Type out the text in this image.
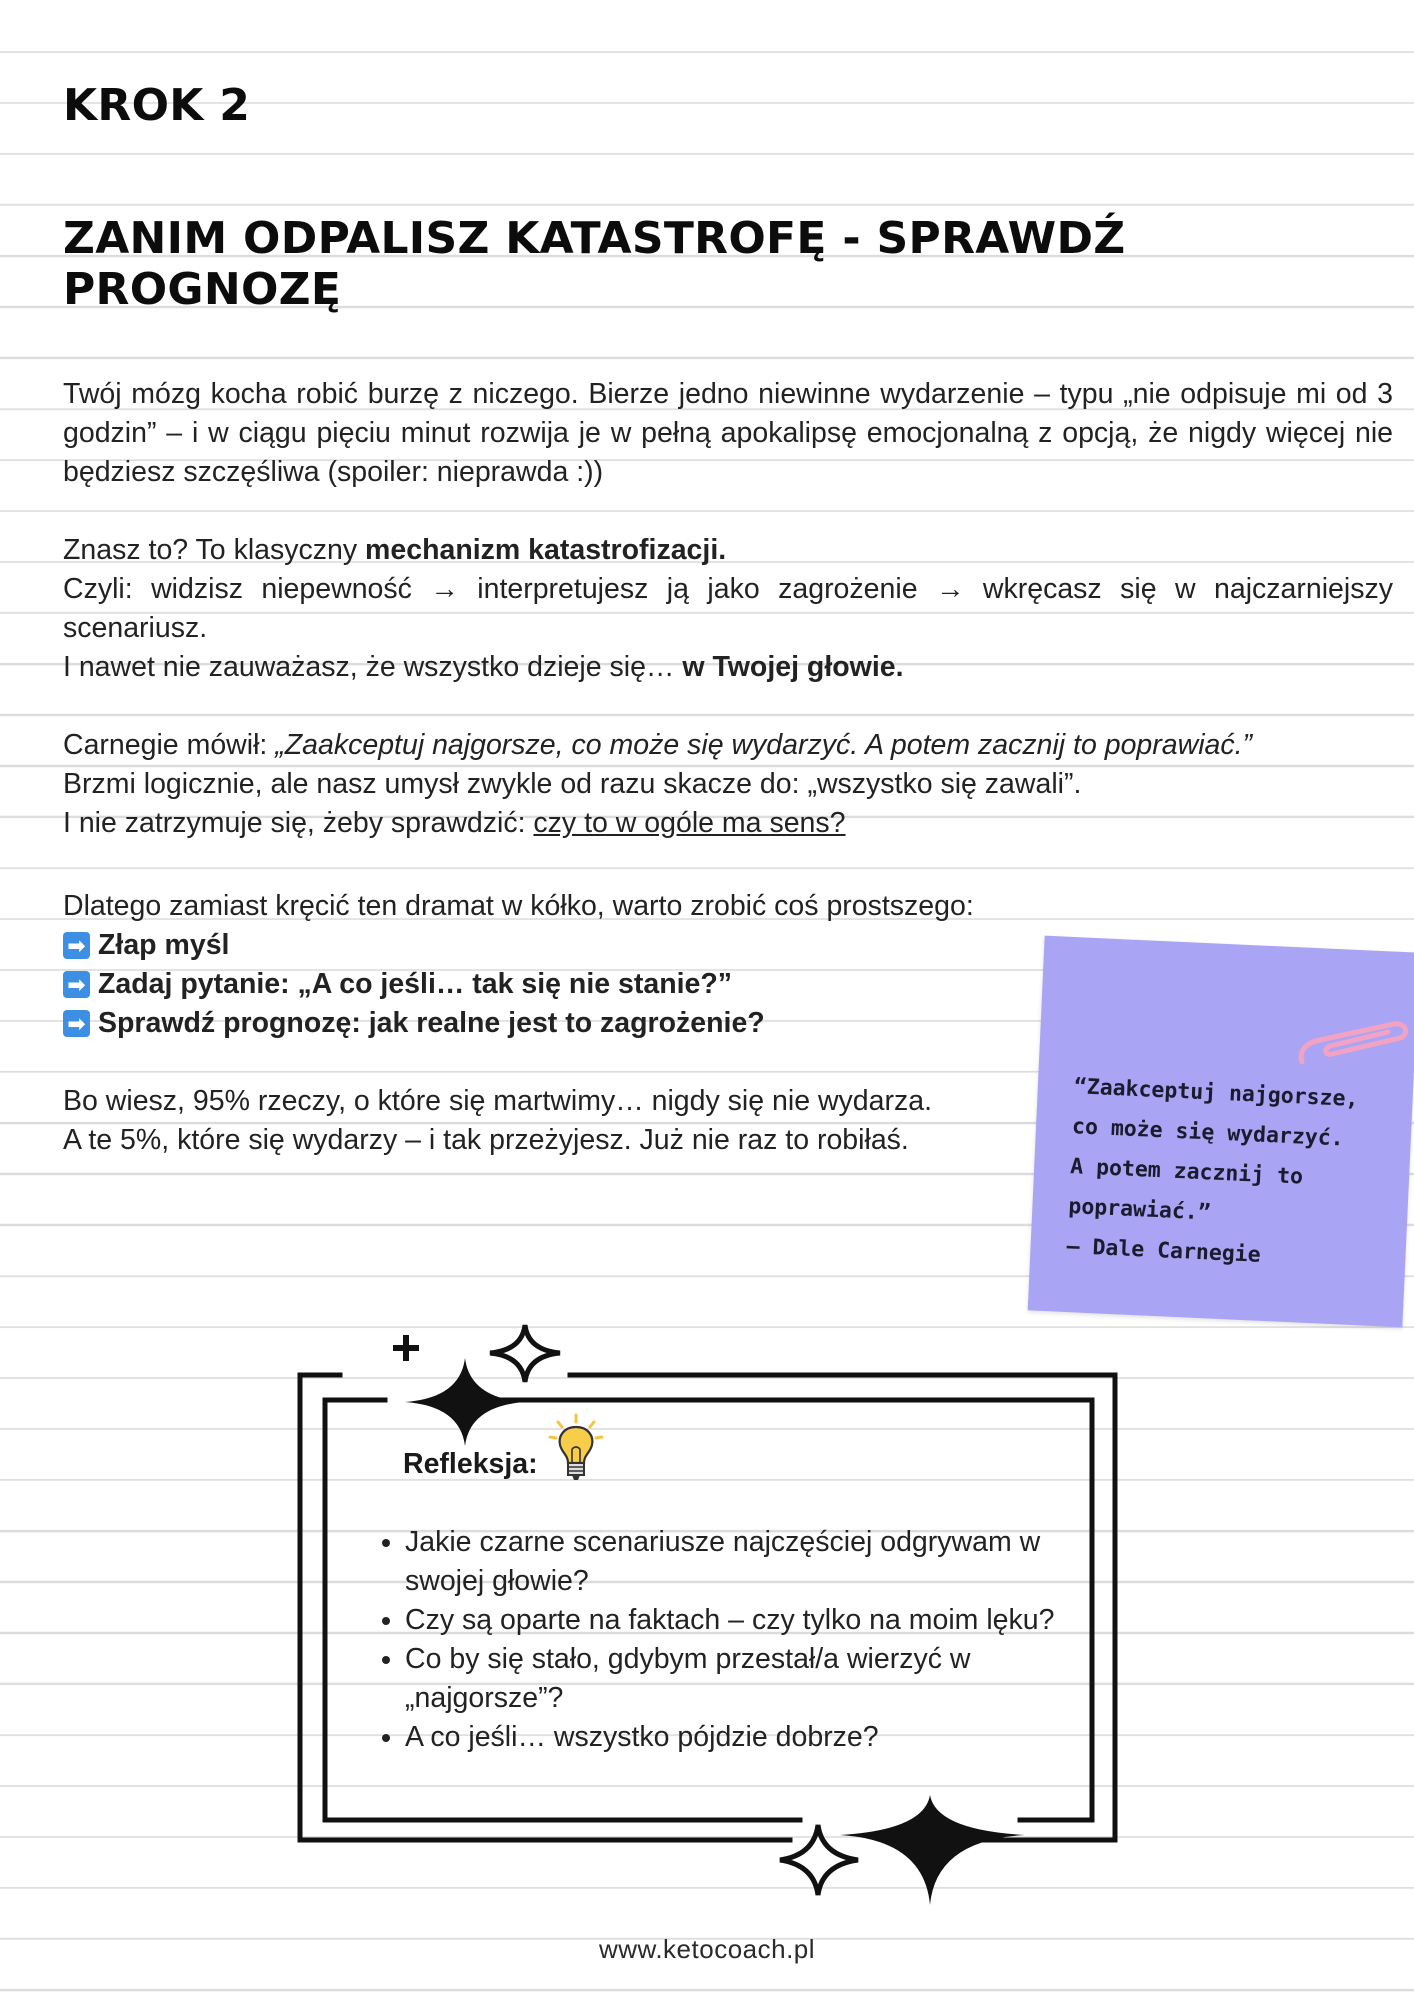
KROK 2
ZANIM ODPALISZ KATASTROFĘ - SPRAWDŹ PROGNOZĘ

Twój mózg kocha robić burzę z niczego. Bierze jedno niewinne wydarzenie – typu „nie odpisuje mi od 3 godzin” – i w ciągu pięciu minut rozwija je w pełną apokalipsę emocjonalną z opcją, że nigdy więcej nie będziesz szczęśliwa (spoiler: nieprawda :))

Znasz to? To klasyczny mechanizm katastrofizacji.

Czyli: widzisz niepewność → interpretujesz ją jako zagrożenie → wkręcasz się w najczarniejszy scenariusz.

I nawet nie zauważasz, że wszystko dzieje się… w Twojej głowie.

Carnegie mówił: „Zaakceptuj najgorsze, co może się wydarzyć. A potem zacznij to poprawiać.”

Brzmi logicznie, ale nasz umysł zwykle od razu skacze do: „wszystko się zawali”.

I nie zatrzymuje się, żeby sprawdzić: czy to w ogóle ma sens?

Dlatego zamiast kręcić ten dramat w kółko, warto zrobić coś prostszego:

➡ Złap myśl
➡ Zadaj pytanie: „A co jeśli… tak się nie stanie?”
➡ Sprawdź prognozę: jak realne jest to zagrożenie?

Bo wiesz, 95% rzeczy, o które się martwimy… nigdy się nie wydarza.

A te 5%, które się wydarzy – i tak przeżyjesz. Już nie raz to robiłaś.

“Zaakceptuj najgorsze,
co może się wydarzyć.
A potem zacznij to
poprawiać.”
– Dale Carnegie
Refleksja:
• Jakie czarne scenariusze najczęściej odgrywam w swojej głowie?
• Czy są oparte na faktach – czy tylko na moim lęku?
• Co by się stało, gdybym przestał/a wierzyć w „najgorsze”?
• A co jeśli… wszystko pójdzie dobrze?
www.ketocoach.pl
